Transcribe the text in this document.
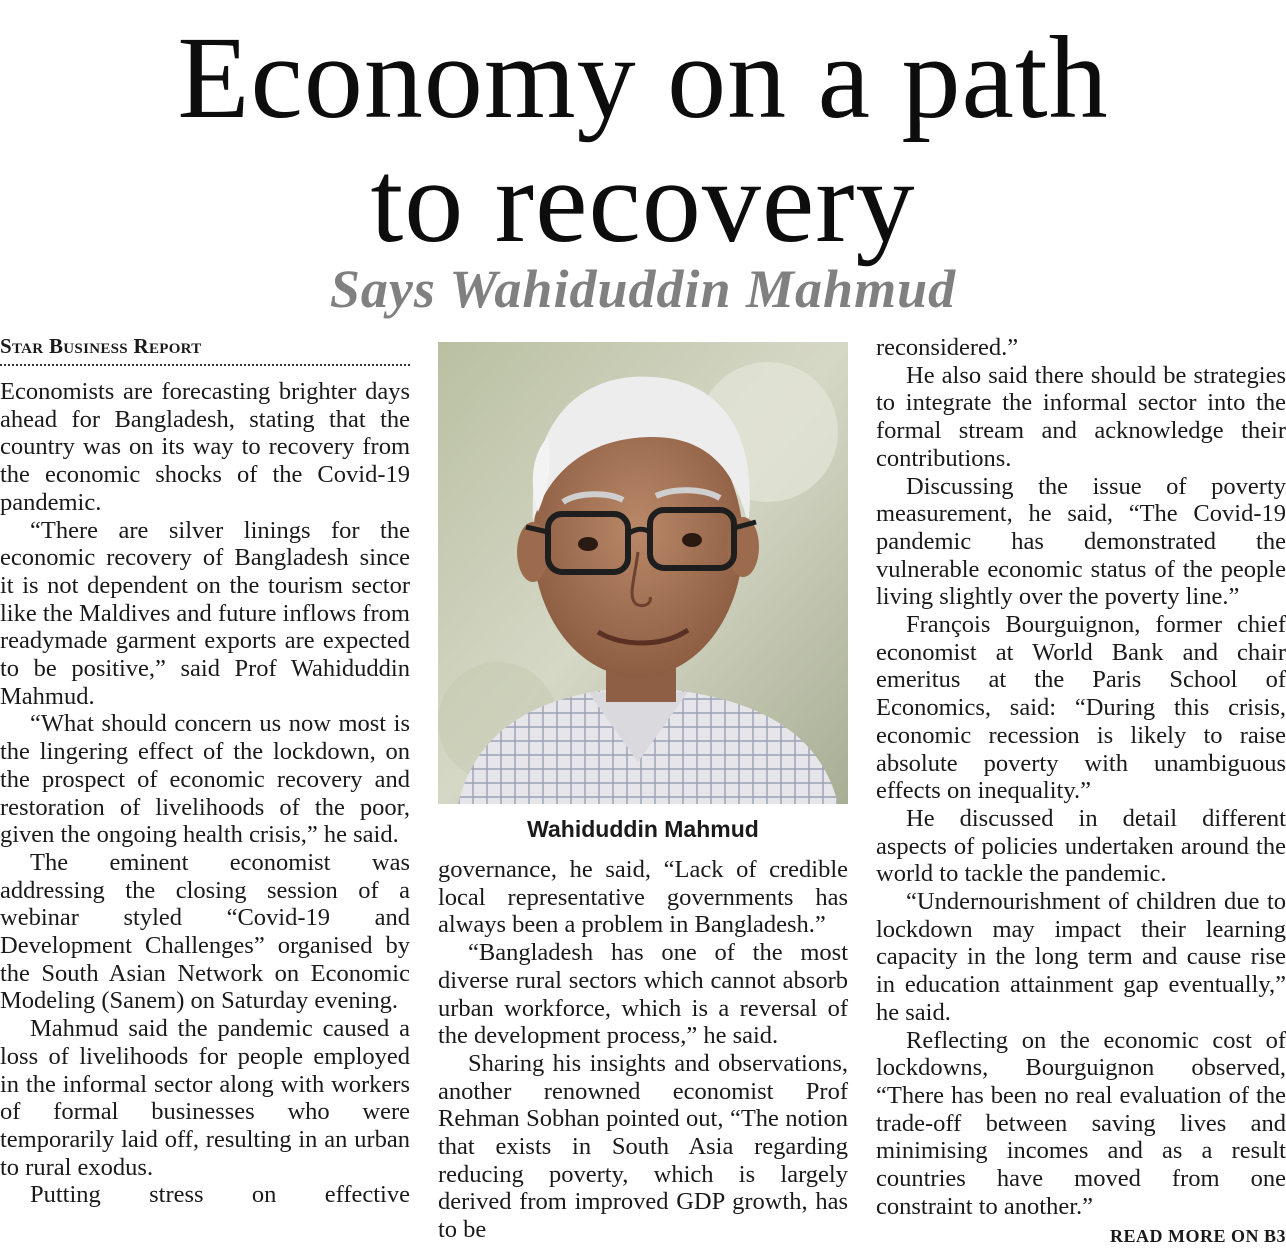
Economy on a path
to recovery
Says Wahiduddin Mahmud
Star Business Report

Economists are forecasting brighter days ahead for Bangladesh, stating that the country was on its way to recovery from the economic shocks of the Covid-19 pandemic.

“There are silver linings for the economic recovery of Bangladesh since it is not dependent on the tourism sector like the Maldives and future inflows from readymade garment exports are expected to be positive,” said Prof Wahiduddin Mahmud.

“What should concern us now most is the lingering effect of the lockdown, on the prospect of economic recovery and restoration of livelihoods of the poor, given the ongoing health crisis,” he said.

The eminent economist was addressing the closing session of a webinar styled “Covid-19 and Development Challenges” organised by the South Asian Network on Economic Modeling (Sanem) on Saturday evening.

Mahmud said the pandemic caused a loss of livelihoods for people employed in the informal sector along with workers of formal businesses who were temporarily laid off, resulting in an urban to rural exodus.

Putting stress on effective

Wahiduddin Mahmud

governance, he said, “Lack of credible local representative governments has always been a problem in Bangladesh.”

“Bangladesh has one of the most diverse rural sectors which cannot absorb urban workforce, which is a reversal of the development process,” he said.

Sharing his insights and observations, another renowned economist Prof Rehman Sobhan pointed out, “The notion that exists in South Asia regarding reducing poverty, which is largely derived from improved GDP growth, has to be

reconsidered.”

He also said there should be strategies to integrate the informal sector into the formal stream and acknowledge their contributions.

Discussing the issue of poverty measurement, he said, “The Covid-19 pandemic has demonstrated the vulnerable economic status of the people living slightly over the poverty line.”

François Bourguignon, former chief economist at World Bank and chair emeritus at the Paris School of Economics, said: “During this crisis, economic recession is likely to raise absolute poverty with unambiguous effects on inequality.”

He discussed in detail different aspects of policies undertaken around the world to tackle the pandemic.

“Undernourishment of children due to lockdown may impact their learning capacity in the long term and cause rise in education attainment gap eventually,” he said.

Reflecting on the economic cost of lockdowns, Bourguignon observed, “There has been no real evaluation of the trade-off between saving lives and minimising incomes and as a result countries have moved from one constraint to another.”

READ MORE ON B3
